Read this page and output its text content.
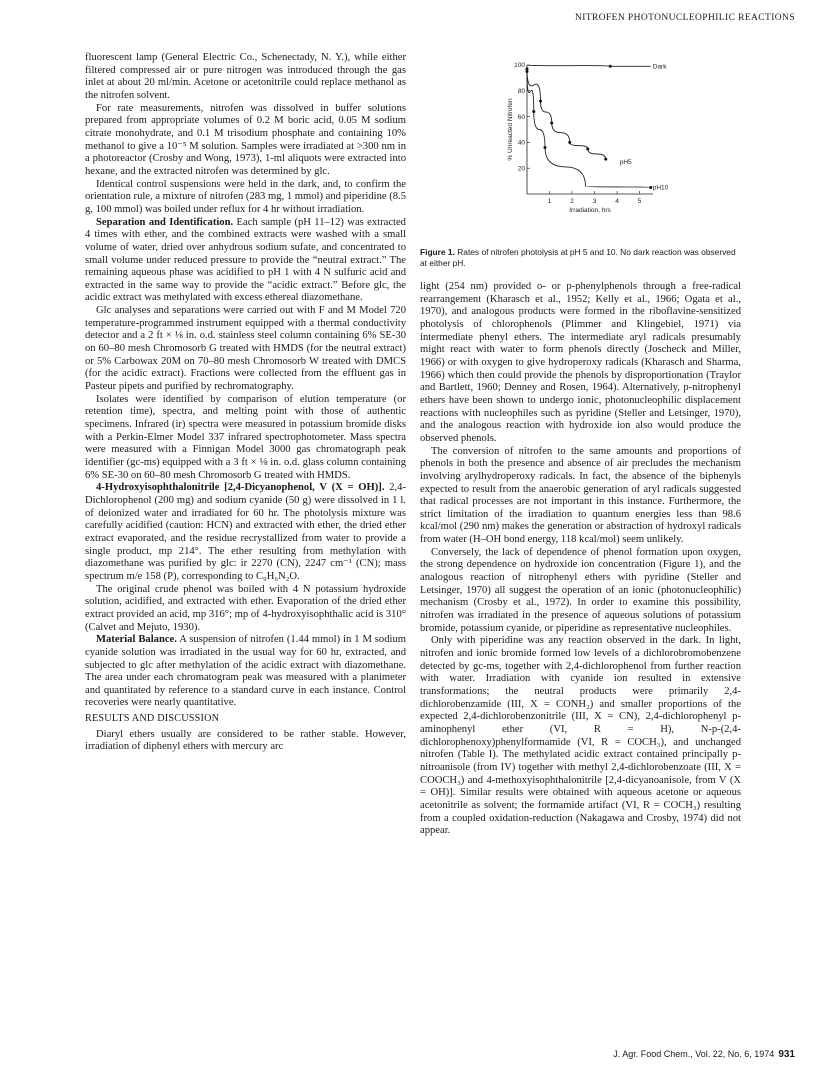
NITROFEN PHOTONUCLEOPHILIC REACTIONS

fluorescent lamp (General Electric Co., Schenectady, N. Y.), while either filtered compressed air or pure nitrogen was introduced through the gas inlet at about 20 ml/min. Acetone or acetonitrile could replace methanol as the nitrofen solvent.

For rate measurements, nitrofen was dissolved in buffer solutions prepared from appropriate volumes of 0.2 M boric acid, 0.05 M sodium citrate monohydrate, and 0.1 M trisodium phosphate and containing 10% methanol to give a 10⁻⁵ M solution. Samples were irradiated at >300 nm in a photoreactor (Crosby and Wong, 1973), 1-ml aliquots were extracted into hexane, and the extracted nitrofen was determined by glc.

Identical control suspensions were held in the dark, and, to confirm the orientation rule, a mixture of nitrofen (283 mg, 1 mmol) and piperidine (8.5 g, 100 mmol) was boiled under reflux for 4 hr without irradiation.

Separation and Identification. Each sample (pH 11–12) was extracted 4 times with ether, and the combined extracts were washed with a small volume of water, dried over anhydrous sodium sufate, and concentrated to small volume under reduced pressure to provide the “neutral extract.” The remaining aqueous phase was acidified to pH 1 with 4 N sulfuric acid and extracted in the same way to provide the “acidic extract.” Before glc, the acidic extract was methylated with excess ethereal diazomethane.

Glc analyses and separations were carried out with F and M Model 720 temperature-programmed instrument equipped with a thermal conductivity detector and a 2 ft × ⅛ in. o.d. stainless steel column containing 6% SE-30 on 60–80 mesh Chromosorb G treated with HMDS (for the neutral extract) or 5% Carbowax 20M on 70–80 mesh Chromosorb W treated with DMCS (for the acidic extract). Fractions were collected from the effluent gas in Pasteur pipets and purified by rechromatography.

Isolates were identified by comparison of elution temperature (or retention time), spectra, and melting point with those of authentic specimens. Infrared (ir) spectra were measured in potassium bromide disks with a Perkin-Elmer Model 337 infrared spectrophotometer. Mass spectra were measured with a Finnigan Model 3000 gas chromatograph peak identifier (gc-ms) equipped with a 3 ft × ⅛ in. o.d. glass column containing 6% SE-30 on 60–80 mesh Chromosorb G treated with HMDS.

4-Hydroxyisophthalonitrile [2,4-Dicyanophenol, V (X = OH)]. 2,4-Dichlorophenol (200 mg) and sodium cyanide (50 g) were dissolved in 1 l. of deionized water and irradiated for 60 hr. The photolysis mixture was carefully acidified (caution: HCN) and extracted with ether, the dried ether extract evaporated, and the residue recrystallized from water to provide a single product, mp 214°. The ether resulting from methylation with diazomethane was purified by glc: ir 2270 (CN), 2247 cm⁻¹ (CN); mass spectrum m/e 158 (P), corresponding to C₉H₆N₂O.

The original crude phenol was boiled with 4 N potassium hydroxide solution, acidified, and extracted with ether. Evaporation of the dried ether extract provided an acid, mp 316°; mp of 4-hydroxyisophthalic acid is 310° (Calvet and Mejuto, 1930).

Material Balance. A suspension of nitrofen (1.44 mmol) in 1 M sodium cyanide solution was irradiated in the usual way for 60 hr, extracted, and subjected to glc after methylation of the acidic extract with diazomethane. The area under each chromatogram peak was measured with a planimeter and quantitated by reference to a standard curve in each instance. Control recoveries were nearly quantitative.

RESULTS AND DISCUSSION

Diaryl ethers usually are considered to be rather stable. However, irradiation of diphenyl ethers with mercury arc

100
80
60
40
20
1	2	3	4	5
% Unreacted Nitrofen
Irradiation, hrs
Dark
pH5
pH10
Figure 1. Rates of nitrofen photolysis at pH 5 and 10. No dark reaction was observed at either pH.

light (254 nm) provided o- or p-phenylphenols through a free-radical rearrangement (Kharasch et al., 1952; Kelly et al., 1966; Ogata et al., 1970), and analogous products were formed in the riboflavine-sensitized photolysis of chlorophenols (Plimmer and Klingebiel, 1971) via intermediate phenyl ethers. The intermediate aryl radicals presumably might react with water to form phenols directly (Joscheck and Miller, 1966) or with oxygen to give hydroperoxy radicals (Kharasch and Sharma, 1966) which then could provide the phenols by disproportionation (Traylor and Bartlett, 1960; Denney and Rosen, 1964). Alternatively, p-nitrophenyl ethers have been shown to undergo ionic, photonucleophilic displacement reactions with nucleophiles such as pyridine (Steller and Letsinger, 1970), and the analogous reaction with hydroxide ion also would produce the observed phenols.

The conversion of nitrofen to the same amounts and proportions of phenols in both the presence and absence of air precludes the mechanism involving arylhydroperoxy radicals. In fact, the absence of the biphenyls expected to result from the anaerobic generation of aryl radicals suggested that radical processes are not important in this instance. Furthermore, the strict limitation of the irradiation to quantum energies less than 98.6 kcal/mol (290 nm) makes the generation or abstraction of hydroxyl radicals from water (H–OH bond energy, 118 kcal/mol) seem unlikely.

Conversely, the lack of dependence of phenol formation upon oxygen, the strong dependence on hydroxide ion concentration (Figure 1), and the analogous reaction of nitrophenyl ethers with pyridine (Steller and Letsinger, 1970) all suggest the operation of an ionic (photonucleophilic) mechanism (Crosby et al., 1972). In order to examine this possibility, nitrofen was irradiated in the presence of aqueous solutions of potassium bromide, potassium cyanide, or piperidine as representative nucleophiles.

Only with piperidine was any reaction observed in the dark. In light, nitrofen and ionic bromide formed low levels of a dichlorobromobenzene detected by gc-ms, together with 2,4-dichlorophenol from further reaction with water. Irradiation with cyanide ion resulted in extensive transformations; the neutral products were primarily 2,4-dichlorobenzamide (III, X = CONH₂) and smaller proportions of the expected 2,4-dichlorobenzonitrile (III, X = CN), 2,4-dichlorophenyl p-aminophenyl ether (VI, R = H), N-p-(2,4-dichlorophenoxy)phenylformamide (VI, R = COCH₃), and unchanged nitrofen (Table I). The methylated acidic extract contained principally p-nitroanisole (from IV) together with methyl 2,4-dichlorobenzoate (III, X = COOCH₃) and 4-methoxyisophthalonitrile [2,4-dicyanoanisole, from V (X = OH)]. Similar results were obtained with aqueous acetone or aqueous acetonitrile as solvent; the formamide artifact (VI, R = COCH₃) resulting from a coupled oxidation-reduction (Nakagawa and Crosby, 1974) did not appear.

J. Agr. Food Chem., Vol. 22, No. 6, 1974 931
